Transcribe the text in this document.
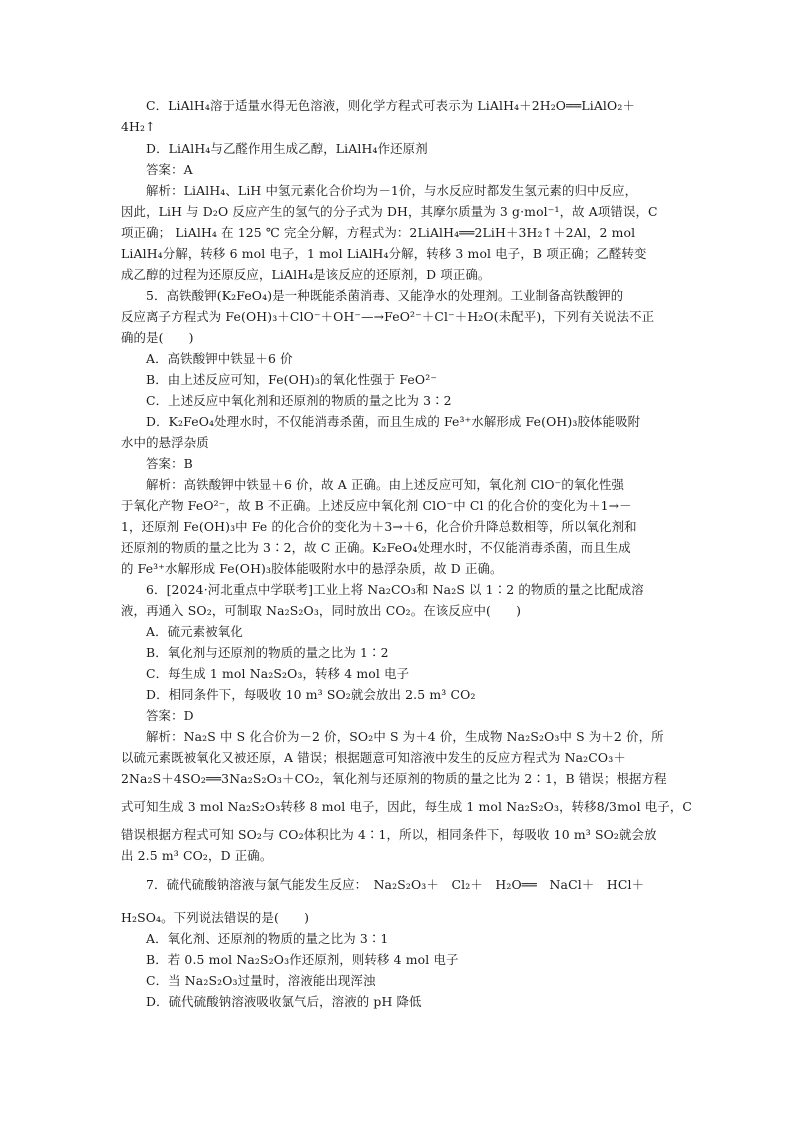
C．LiAlH₄溶于适量水得无色溶液，则化学方程式可表示为 LiAlH₄＋2H₂O══LiAlO₂＋
4H₂↑
D．LiAlH₄与乙醛作用生成乙醇，LiAlH₄作还原剂
答案：A
解析：LiAlH₄、LiH 中氢元素化合价均为－1价，与水反应时都发生氢元素的归中反应，
因此，LiH 与 D₂O 反应产生的氢气的分子式为 DH，其摩尔质量为 3 g·mol⁻¹，故 A项错误，C
项正确； LiAlH₄ 在 125 ℃ 完全分解，方程式为：2LiAlH₄══2LiH＋3H₂↑＋2Al，2 mol
LiAlH₄分解，转移 6 mol 电子，1 mol LiAlH₄分解，转移 3 mol 电子，B 项正确；乙醛转变
成乙醇的过程为还原反应，LiAlH₄是该反应的还原剂，D 项正确。
5．高铁酸钾(K₂FeO₄)是一种既能杀菌消毒、又能净水的处理剂。工业制备高铁酸钾的
反应离子方程式为 Fe(OH)₃＋ClO⁻＋OH⁻—→FeO²⁻＋Cl⁻＋H₂O(未配平)，下列有关说法不正
确的是(　　)
A．高铁酸钾中铁显＋6 价
B．由上述反应可知，Fe(OH)₃的氧化性强于 FeO²⁻
C．上述反应中氧化剂和还原剂的物质的量之比为 3∶2
D．K₂FeO₄处理水时，不仅能消毒杀菌，而且生成的 Fe³⁺水解形成 Fe(OH)₃胶体能吸附
水中的悬浮杂质
答案：B
解析：高铁酸钾中铁显＋6 价，故 A 正确。由上述反应可知，氧化剂 ClO⁻的氧化性强
于氧化产物 FeO²⁻，故 B 不正确。上述反应中氧化剂 ClO⁻中 Cl 的化合价的变化为＋1→－
1，还原剂 Fe(OH)₃中 Fe 的化合价的变化为＋3→＋6，化合价升降总数相等，所以氧化剂和
还原剂的物质的量之比为 3∶2，故 C 正确。K₂FeO₄处理水时，不仅能消毒杀菌，而且生成
的 Fe³⁺水解形成 Fe(OH)₃胶体能吸附水中的悬浮杂质，故 D 正确。
6．[2024·河北重点中学联考]工业上将 Na₂CO₃和 Na₂S 以 1∶2 的物质的量之比配成溶
液，再通入 SO₂，可制取 Na₂S₂O₃，同时放出 CO₂。在该反应中(　　)
A．硫元素被氧化
B．氧化剂与还原剂的物质的量之比为 1∶2
C．每生成 1 mol Na₂S₂O₃，转移 4 mol 电子
D．相同条件下，每吸收 10 m³ SO₂就会放出 2.5 m³ CO₂
答案：D
解析：Na₂S 中 S 化合价为－2 价，SO₂中 S 为＋4 价，生成物 Na₂S₂O₃中 S 为＋2 价，所
以硫元素既被氧化又被还原，A 错误；根据题意可知溶液中发生的反应方程式为 Na₂CO₃＋
2Na₂S＋4SO₂══3Na₂S₂O₃＋CO₂，氧化剂与还原剂的物质的量之比为 2∶1，B 错误；根据方程
式可知生成 3 mol Na₂S₂O₃转移 8 mol 电子，因此，每生成 1 mol Na₂S₂O₃，转移8/3mol 电子，C
错误根据方程式可知 SO₂与 CO₂体积比为 4∶1，所以，相同条件下，每吸收 10 m³ SO₂就会放
出 2.5 m³ CO₂，D 正确。
7．硫代硫酸钠溶液与氯气能发生反应：　Na₂S₂O₃＋　Cl₂＋　H₂O══　NaCl＋　HCl＋
H₂SO₄。下列说法错误的是(　　)
A．氧化剂、还原剂的物质的量之比为 3∶1
B．若 0.5 mol Na₂S₂O₃作还原剂，则转移 4 mol 电子
C．当 Na₂S₂O₃过量时，溶液能出现浑浊
D．硫代硫酸钠溶液吸收氯气后，溶液的 pH 降低
